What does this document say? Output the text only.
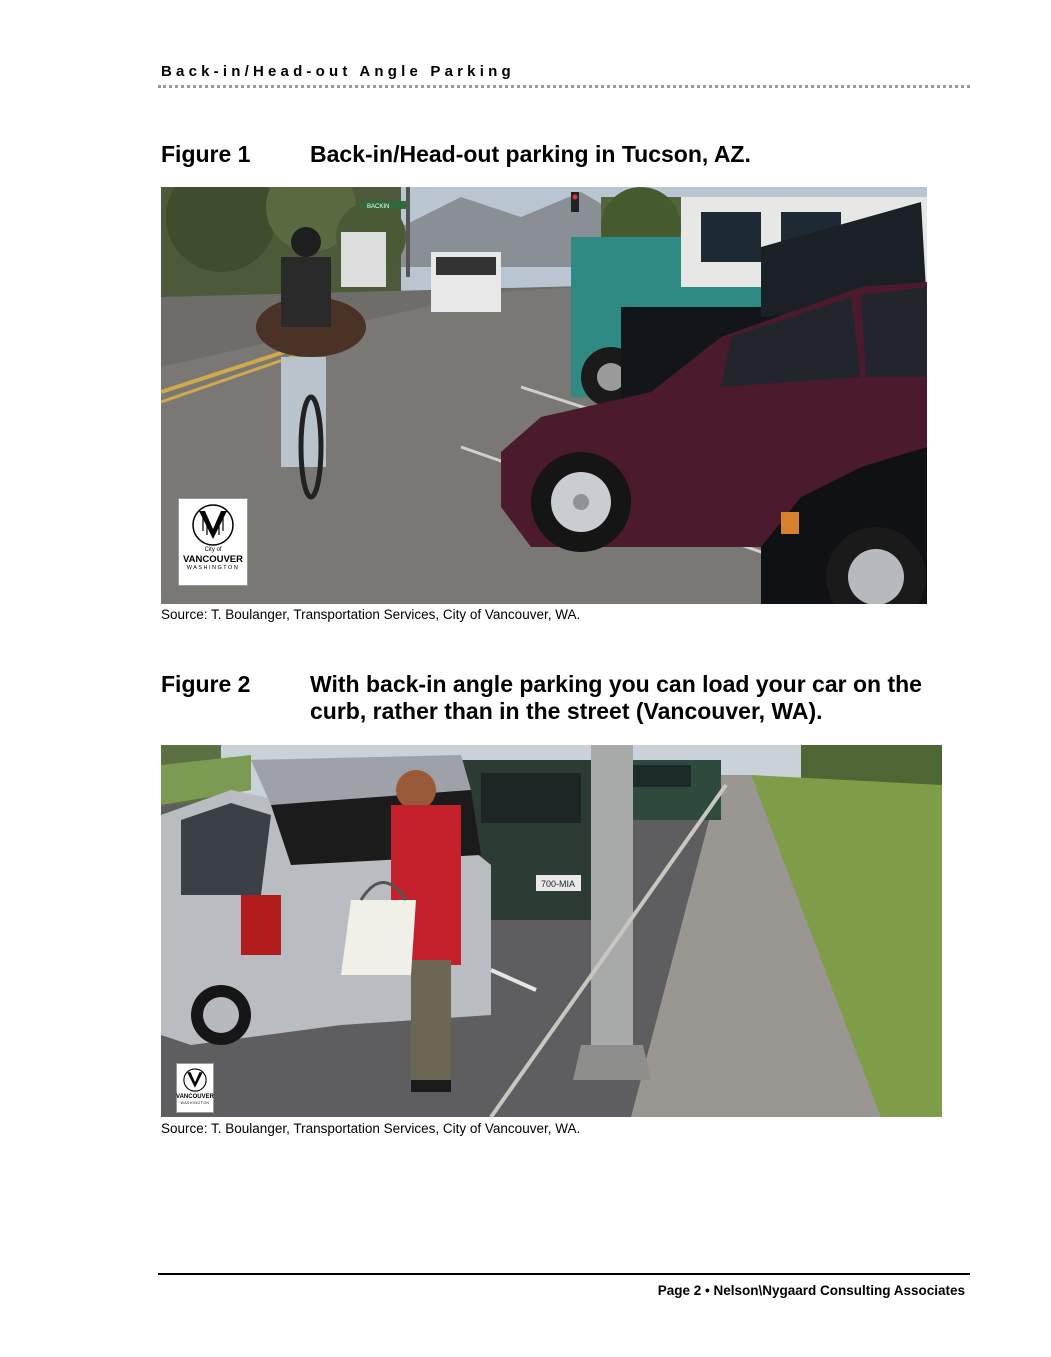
Back-in/Head-out Angle Parking
Figure 1	Back-in/Head-out parking in Tucson, AZ.
BACKIN
City of
VANCOUVER
WASHINGTON
Source: T. Boulanger, Transportation Services, City of Vancouver, WA.
Figure 2	With back-in angle parking you can load your car on the curb, rather than in the street (Vancouver, WA).
700-MIA
VANCOUVER
WASHINGTON
Source: T. Boulanger, Transportation Services, City of Vancouver, WA.
Page 2 • Nelson\Nygaard Consulting Associates
